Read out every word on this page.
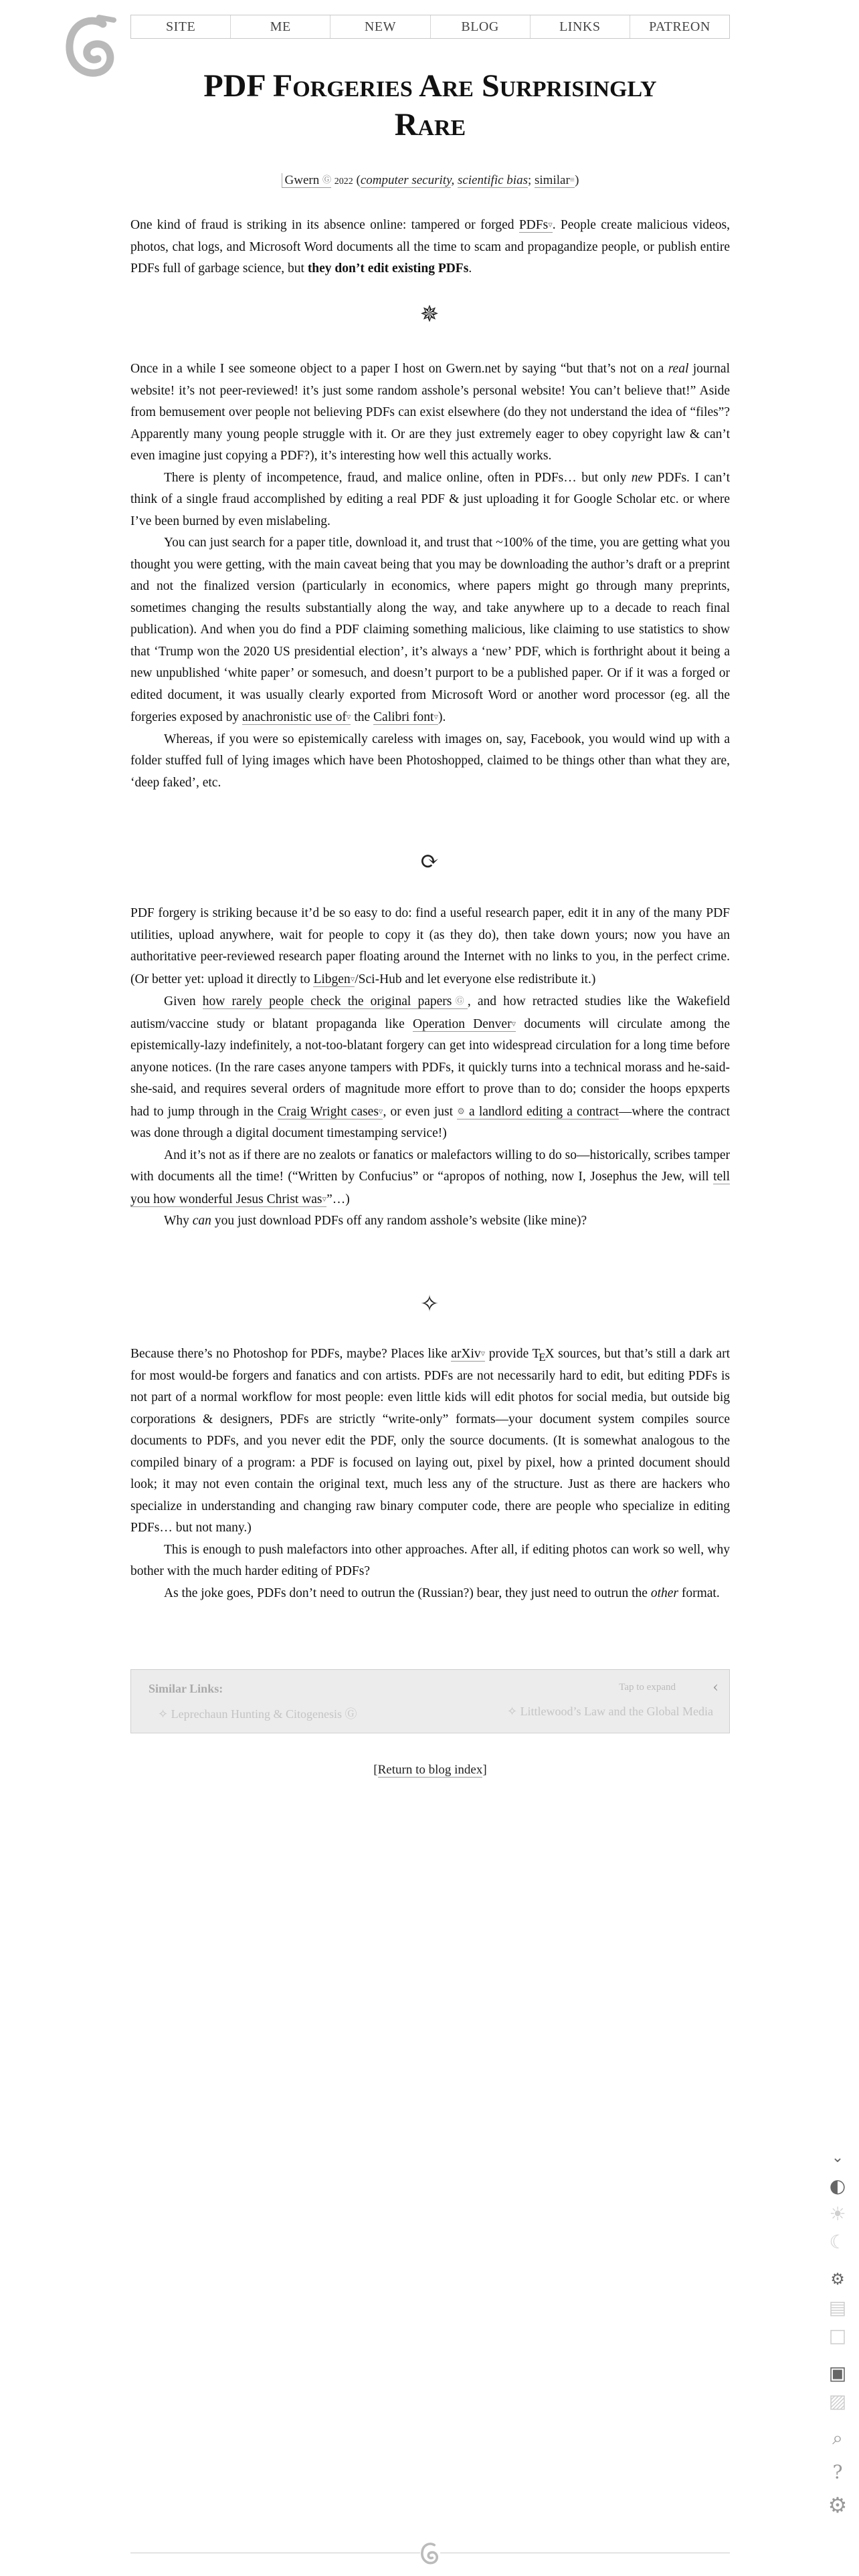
SITE	ME	NEW	BLOG	LINKS	PATREON
PDF Forgeries Are Surprisingly
Rare
Gwern Ⓖ 2022 (computer security, scientific bias; similar≡)

One kind of fraud is striking in its absence online: tampered or forged PDFs▿. People create malicious videos, photos, chat logs, and Microsoft Word documents all the time to scam and propagandize people, or publish entire PDFs full of garbage science, but they don’t edit existing PDFs.

✵

Once in a while I see someone object to a paper I host on Gwern.net by saying “but that’s not on a real journal website! it’s not peer-reviewed! it’s just some random asshole’s personal website! You can’t believe that!” Aside from bemusement over people not believing PDFs can exist elsewhere (do they not understand the idea of “files”? Apparently many young people struggle with it. Or are they just extremely eager to obey copyright law & can’t even imagine just copying a PDF?), it’s interesting how well this actually works.

There is plenty of incompetence, fraud, and malice online, often in PDFs… but only new PDFs. I can’t think of a single fraud accomplished by editing a real PDF & just uploading it for Google Scholar etc. or where I’ve been burned by even mislabeling.

You can just search for a paper title, download it, and trust that ~100% of the time, you are getting what you thought you were getting, with the main caveat being that you may be downloading the author’s draft or a preprint and not the finalized version (particularly in economics, where papers might go through many preprints, sometimes changing the results substantially along the way, and take anywhere up to a decade to reach final publication). And when you do find a PDF claiming something malicious, like claiming to use statistics to show that ‘Trump won the 2020 US presidential election’, it’s always a ‘new’ PDF, which is forthright about it being a new unpublished ‘white paper’ or somesuch, and doesn’t purport to be a published paper. Or if it was a forged or edited document, it was usually clearly exported from Microsoft Word or another word processor (eg. all the forgeries exposed by anachronistic use of▿ the Calibri font▿).

Whereas, if you were so epistemically careless with images on, say, Facebook, you would wind up with a folder stuffed full of lying images which have been Photoshopped, claimed to be things other than what they are, ‘deep faked’, etc.

⟳

PDF forgery is striking because it’d be so easy to do: find a useful research paper, edit it in any of the many PDF utilities, upload anywhere, wait for people to copy it (as they do), then take down yours; now you have an authoritative peer-reviewed research paper floating around the Internet with no links to you, in the perfect crime. (Or better yet: upload it directly to Libgen▿/Sci-Hub and let everyone else redistribute it.)

Given how rarely people check the original papersⒼ, and how retracted studies like the Wakefield autism/vaccine study or blatant propaganda like Operation Denver▿ documents will circulate among the epistemically-lazy indefinitely, a not-too-blatant forgery can get into widespread circulation for a long time before anyone notices. (In the rare cases anyone tampers with PDFs, it quickly turns into a technical morass and he-said-she-said, and requires several orders of magnitude more effort to prove than to do; consider the hoops epxperts had to jump through in the Craig Wright cases▿, or even just ⚙ a landlord editing a contract—where the contract was done through a digital document timestamping service!)

And it’s not as if there are no zealots or fanatics or malefactors willing to do so—historically, scribes tamper with documents all the time! (“Written by Confucius” or “apropos of nothing, now I, Josephus the Jew, will tell you how wonderful Jesus Christ was▿”…)

Why can you just download PDFs off any random asshole’s website (like mine)?

✧

Because there’s no Photoshop for PDFs, maybe? Places like arXiv▿ provide $T_EX$ sources, but that’s still a dark art for most would-be forgers and fanatics and con artists. PDFs are not necessarily hard to edit, but editing PDFs is not part of a normal workflow for most people: even little kids will edit photos for social media, but outside big corporations & designers, PDFs are strictly “write-only” formats—your document system compiles source documents to PDFs, and you never edit the PDF, only the source documents. (It is somewhat analogous to the compiled binary of a program: a PDF is focused on laying out, pixel by pixel, how a printed document should look; it may not even contain the original text, much less any of the structure. Just as there are hackers who specialize in understanding and changing raw binary computer code, there are people who specialize in editing PDFs… but not many.)

This is enough to push malefactors into other approaches. After all, if editing photos can work so well, why bother with the much harder editing of PDFs?

As the joke goes, PDFs don’t need to outrun the (Russian?) bear, they just need to outrun the other format.

Similar Links:	Tap to expand	‹
✧ Leprechaun Hunting & Citogenesis Ⓖ	✧ Littlewood’s Law and the Global Media
[Return to blog index]
⌄
◐
☀
☾
⚙
▤
□
▣
▨
⌕
?
⚙
